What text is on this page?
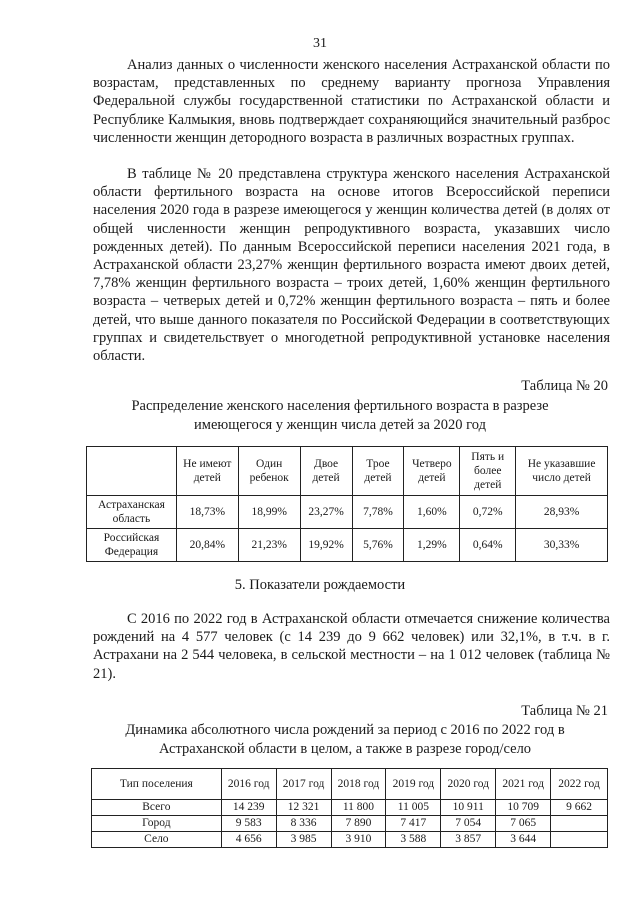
31

Анализ данных о численности женского населения Астраханской области по возрастам, представленных по среднему варианту прогноза Управления Федеральной службы государственной статистики по Астраханской области и Республике Калмыкия, вновь подтверждает сохраняющийся значительный разброс численности женщин детородного возраста в различных возрастных группах.

В таблице № 20 представлена структура женского населения Астраханской области фертильного возраста на основе итогов Всероссийской переписи населения 2020 года в разрезе имеющегося у женщин количества детей (в долях от общей численности женщин репродуктивного возраста, указавших число рожденных детей). По данным Всероссийской переписи населения 2021 года, в Астраханской области 23,27% женщин фертильного возраста имеют двоих детей, 7,78% женщин фертильного возраста – троих детей, 1,60% женщин фертильного возраста – четверых детей и 0,72% женщин фертильного возраста – пять и более детей, что выше данного показателя по Российской Федерации в соответствующих группах и свидетельствует о многодетной репродуктивной установке населения области.

Таблица № 20
Распределение женского населения фертильного возраста в разрезе имеющегося у женщин числа детей за 2020 год
	Не имеют детей	Один ребенок	Двое детей	Трое детей	Четверо детей	Пять и более детей	Не указавшие число детей
Астраханская область	18,73%	18,99%	23,27%	7,78%	1,60%	0,72%	28,93%
Российская Федерация	20,84%	21,23%	19,92%	5,76%	1,29%	0,64%	30,33%
5. Показатели рождаемости

С 2016 по 2022 год в Астраханской области отмечается снижение количества рождений на 4 577 человек (с 14 239 до 9 662 человек) или 32,1%, в т.ч. в г. Астрахани на 2 544 человека, в сельской местности – на 1 012 человек (таблица № 21).

Таблица № 21
Динамика абсолютного числа рождений за период с 2016 по 2022 год в Астраханской области в целом, а также в разрезе город/село
Тип поселения	2016 год	2017 год	2018 год	2019 год	2020 год	2021 год	2022 год
Всего	14 239	12 321	11 800	11 005	10 911	10 709	9 662
Город	9 583	8 336	7 890	7 417	7 054	7 065	
Село	4 656	3 985	3 910	3 588	3 857	3 644	
